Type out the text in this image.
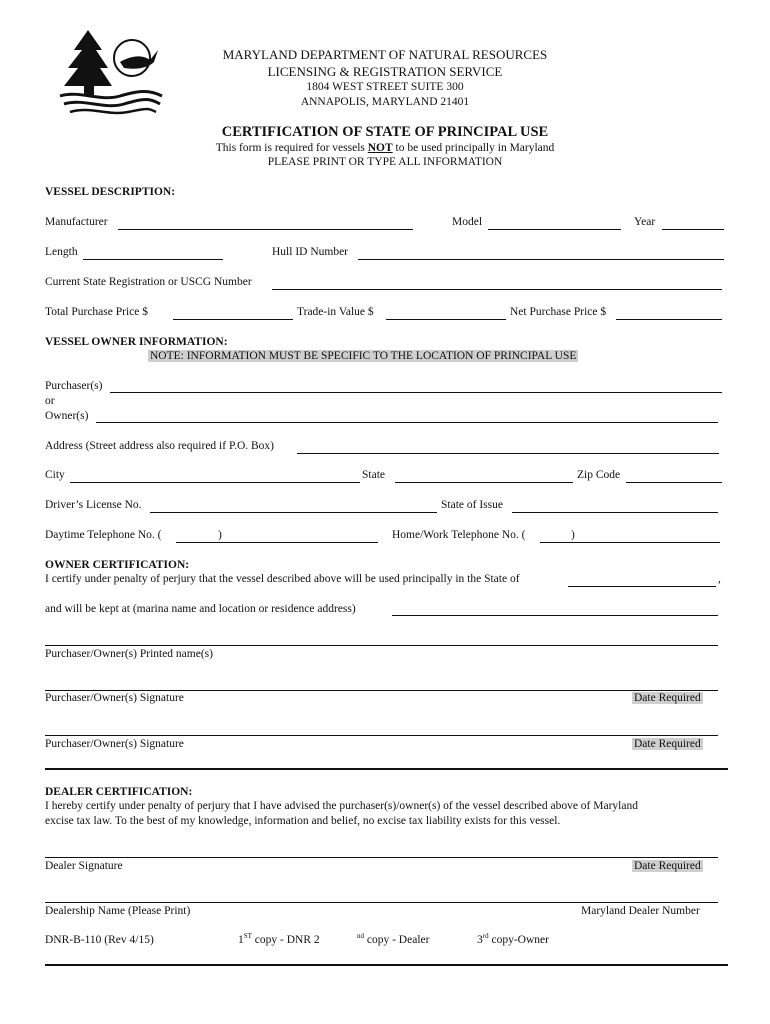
MARYLAND DEPARTMENT OF NATURAL RESOURCES
LICENSING & REGISTRATION SERVICE
1804 WEST STREET SUITE 300
ANNAPOLIS, MARYLAND 21401
CERTIFICATION OF STATE OF PRINCIPAL USE
This form is required for vessels NOT to be used principally in Maryland
PLEASE PRINT OR TYPE ALL INFORMATION
VESSEL DESCRIPTION:
Manufacturer	Model	Year
Length	Hull ID Number
Current State Registration or USCG Number
Total Purchase Price $	Trade-in Value $	Net Purchase Price $
VESSEL OWNER INFORMATION:
NOTE: INFORMATION MUST BE SPECIFIC TO THE LOCATION OF PRINCIPAL USE
Purchaser(s)
or
Owner(s)
Address (Street address also required if P.O. Box)
City	State	Zip Code
Driver’s License No.	State of Issue
Daytime Telephone No. (	)	Home/Work Telephone No. (	)
OWNER CERTIFICATION:
I certify under penalty of perjury that the vessel described above will be used principally in the State of	,
and will be kept at (marina name and location or residence address)
Purchaser/Owner(s) Printed name(s)
Purchaser/Owner(s) Signature	Date Required
Purchaser/Owner(s) Signature	Date Required
DEALER CERTIFICATION:
I hereby certify under penalty of perjury that I have advised the purchaser(s)/owner(s) of the vessel described above of Maryland
excise tax law. To the best of my knowledge, information and belief, no excise tax liability exists for this vessel.
Dealer Signature	Date Required
Dealership Name (Please Print)	Maryland Dealer Number
DNR-B-110 (Rev 4/15)	1ST copy - DNR 2	$^{nd}$ copy - Dealer	3rd copy-Owner
